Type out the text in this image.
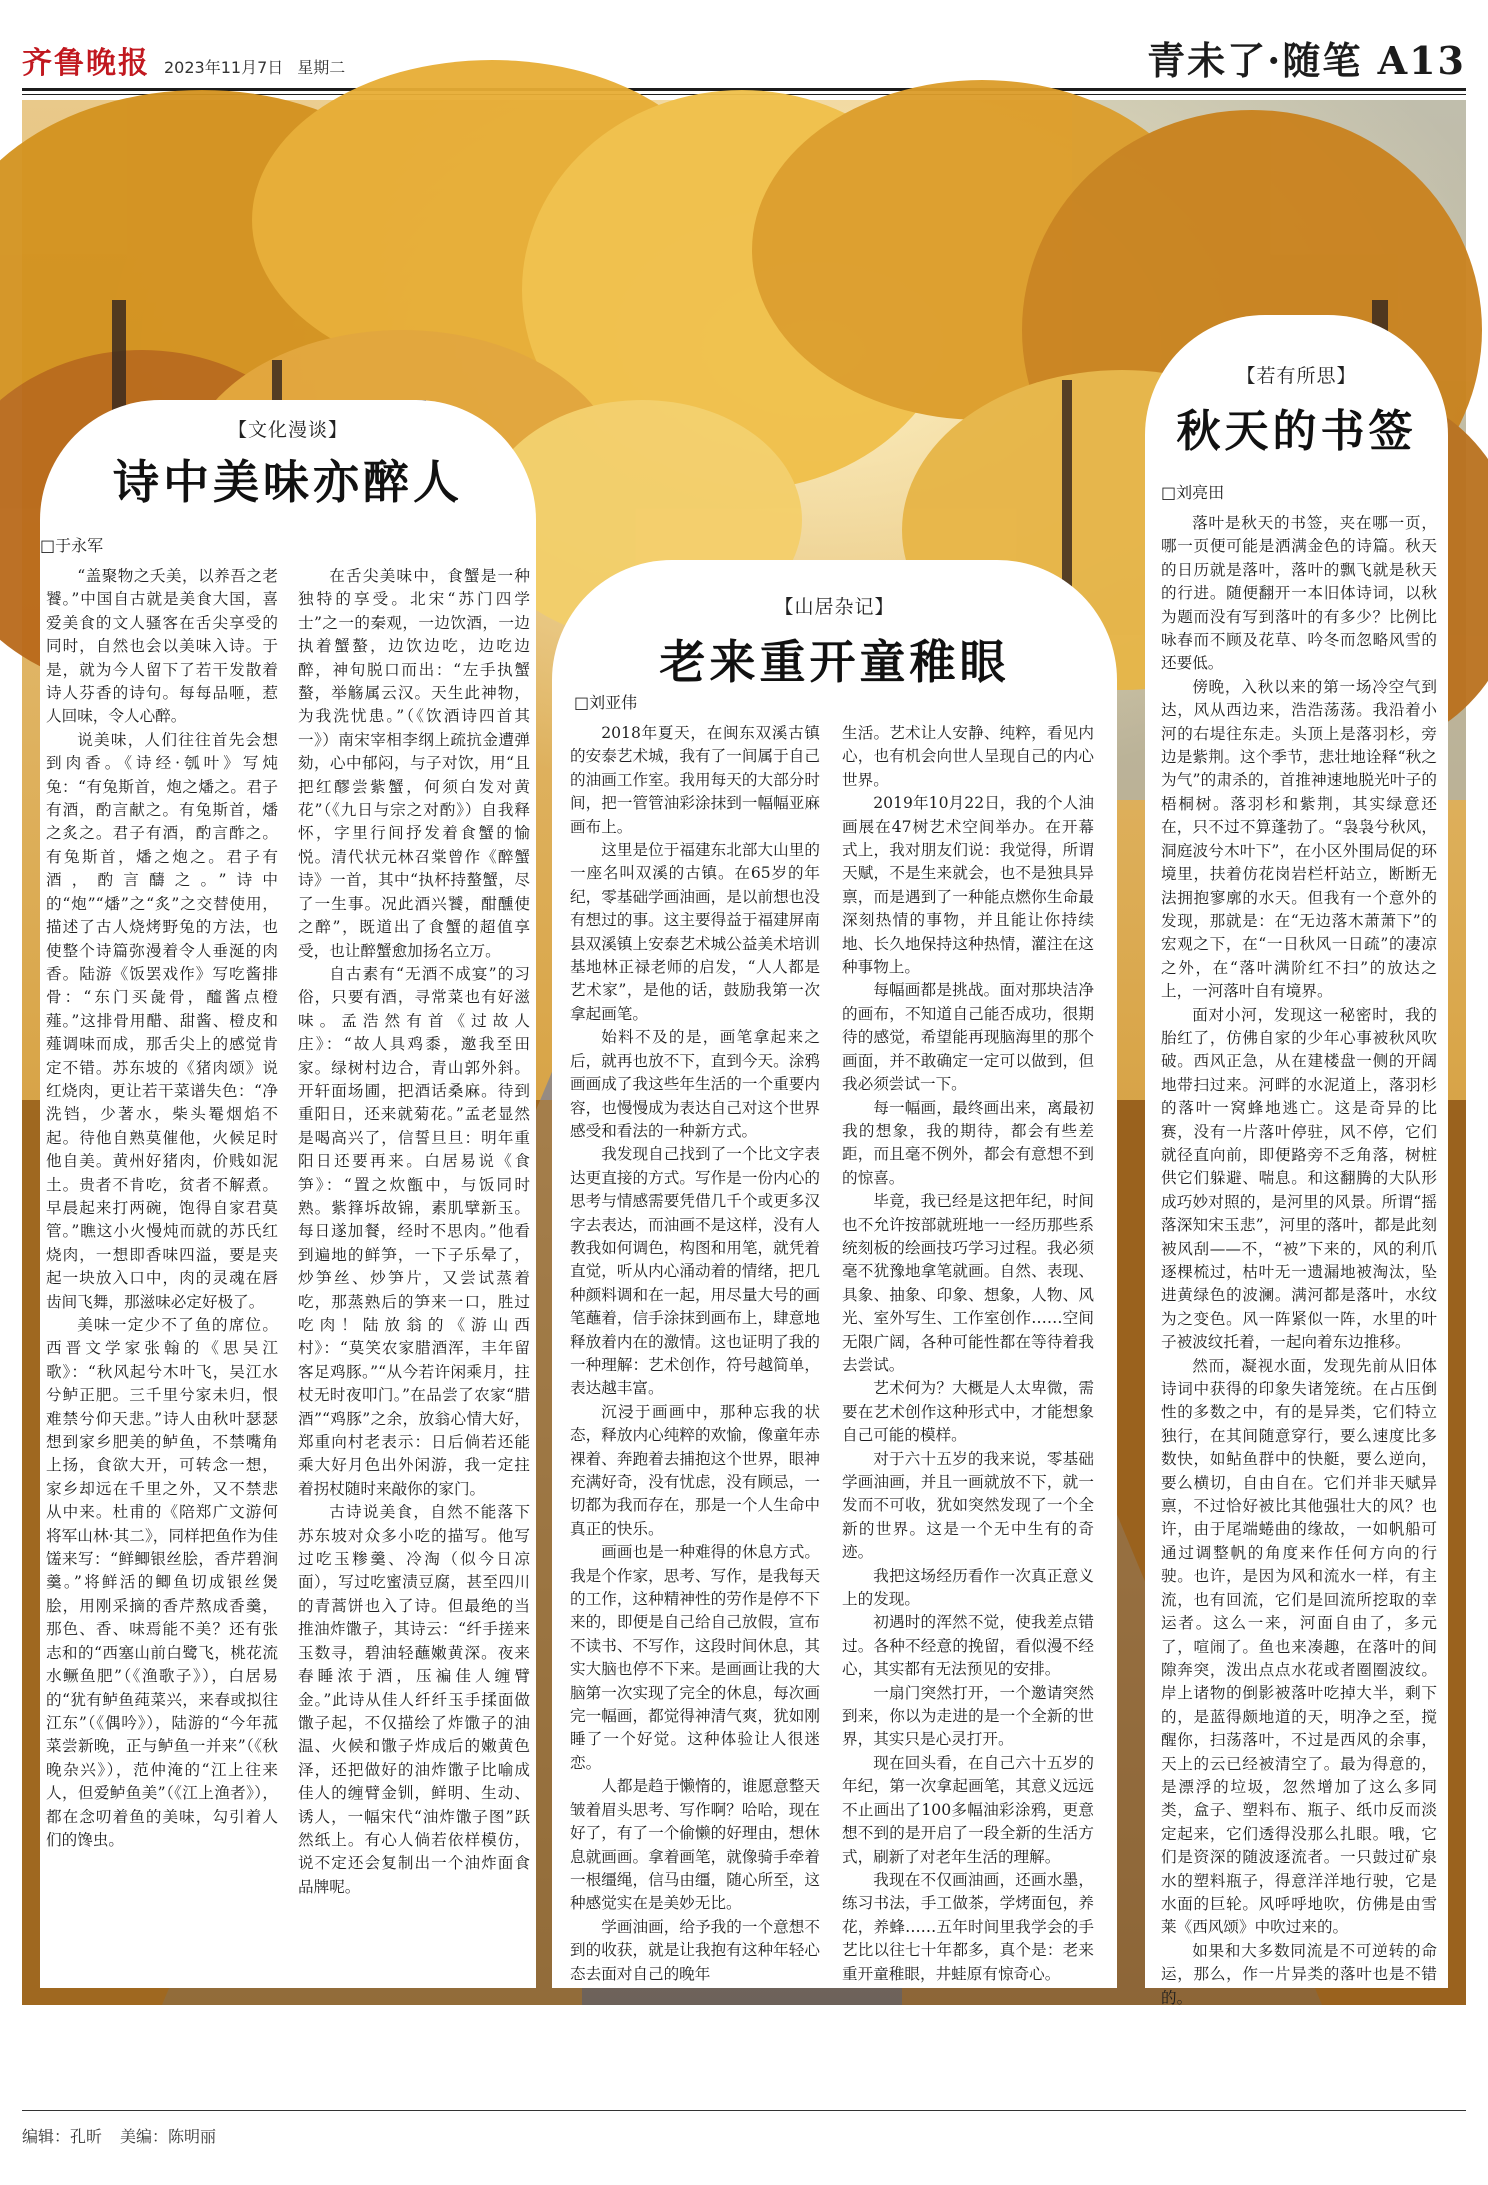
齐鲁晚报 2023年11月7日 星期二	青未了·随笔 A13
【文化漫谈】
诗中美味亦醉人
□于永军

“盖聚物之夭美，以养吾之老饕。”中国自古就是美食大国，喜爱美食的文人骚客在舌尖享受的同时，自然也会以美味入诗。于是，就为今人留下了若干发散着诗人芬香的诗句。每每品咂，惹人回味，令人心醉。

说美味，人们往往首先会想到肉香。《诗经·瓠叶》写炖兔：“有兔斯首，炮之燔之。君子有酒，酌言献之。有兔斯首，燔之炙之。君子有酒，酌言酢之。有兔斯首，燔之炮之。君子有酒，酌言醻之。”诗中的“炮”“燔”之“炙”之交替使用，描述了古人烧烤野兔的方法，也使整个诗篇弥漫着令人垂涎的肉香。陆游《饭罢戏作》写吃酱排骨：“东门买彘骨，醯酱点橙薤。”这排骨用醋、甜酱、橙皮和薤调味而成，那舌尖上的感觉肯定不错。苏东坡的《猪肉颂》说红烧肉，更让若干菜谱失色：“净洗铛，少著水，柴头罨烟焰不起。待他自熟莫催他，火候足时他自美。黄州好猪肉，价贱如泥土。贵者不肯吃，贫者不解煮。早晨起来打两碗，饱得自家君莫管。”瞧这小火慢炖而就的苏氏红烧肉，一想即香味四溢，要是夹起一块放入口中，肉的灵魂在唇齿间飞舞，那滋味必定好极了。

美味一定少不了鱼的席位。西晋文学家张翰的《思吴江歌》：“秋风起兮木叶飞，吴江水兮鲈正肥。三千里兮家未归，恨难禁兮仰天悲。”诗人由秋叶瑟瑟想到家乡肥美的鲈鱼，不禁嘴角上扬，食欲大开，可转念一想，家乡却远在千里之外，又不禁悲从中来。杜甫的《陪郑广文游何将军山林·其二》，同样把鱼作为佳馐来写：“鲜鲫银丝脍，香芹碧涧羹。”将鲜活的鲫鱼切成银丝煲脍，用刚采摘的香芹熬成香羹，那色、香、味焉能不美？还有张志和的“西塞山前白鹭飞，桃花流水鳜鱼肥”（《渔歌子》），白居易的“犹有鲈鱼莼菜兴，来春或拟往江东”（《偶吟》），陆游的“今年菰菜尝新晚，正与鲈鱼一并来”（《秋晚杂兴》），范仲淹的“江上往来人，但爱鲈鱼美”（《江上渔者》），都在念叨着鱼的美味，勾引着人们的馋虫。

在舌尖美味中，食蟹是一种独特的享受。北宋“苏门四学士”之一的秦观，一边饮酒，一边执着蟹螯，边饮边吃，边吃边醉，神旬脱口而出：“左手执蟹螯，举觞属云汉。天生此神物，为我洗忧患。”（《饮酒诗四首其一》）南宋宰相李纲上疏抗金遭弹劾，心中郁闷，与子对饮，用“且把红醪尝紫蟹，何须白发对黄花”（《九日与宗之对酌》）自我释怀，字里行间抒发着食蟹的愉悦。清代状元林召棠曾作《醉蟹诗》一首，其中“执杯持螯蟹，尽了一生事。况此酒兴饕，酣醺使之醉”，既道出了食蟹的超值享受，也让醉蟹愈加扬名立万。

自古素有“无酒不成宴”的习俗，只要有酒，寻常菜也有好滋味。孟浩然有首《过故人庄》：“故人具鸡黍，邀我至田家。绿树村边合，青山郭外斜。开轩面场圃，把酒话桑麻。待到重阳日，还来就菊花。”孟老显然是喝高兴了，信誓旦旦：明年重阳日还要再来。白居易说《食笋》：“置之炊甑中，与饭同时熟。紫箨坼故锦，素肌擘新玉。每日遂加餐，经时不思肉。”他看到遍地的鲜笋，一下子乐晕了，炒笋丝、炒笋片，又尝试蒸着吃，那蒸熟后的笋来一口，胜过吃肉！陆放翁的《游山西村》：“莫笑农家腊酒浑，丰年留客足鸡豚。”“从今若许闲乘月，拄杖无时夜叩门。”在品尝了农家“腊酒”“鸡豚”之余，放翁心情大好，郑重向村老表示：日后倘若还能乘大好月色出外闲游，我一定拄着拐杖随时来敲你的家门。

古诗说美食，自然不能落下苏东坡对众多小吃的描写。他写过吃玉糁羹、冷淘（似今日凉面），写过吃蜜渍豆腐，甚至四川的青蒿饼也入了诗。但最绝的当推油炸馓子，其诗云：“纤手搓来玉数寻，碧油轻蘸嫩黄深。夜来春睡浓于酒，压褊佳人缠臂金。”此诗从佳人纤纤玉手揉面做馓子起，不仅描绘了炸馓子的油温、火候和馓子炸成后的嫩黄色泽，还把做好的油炸馓子比喻成佳人的缠臂金钏，鲜明、生动、诱人，一幅宋代“油炸馓子图”跃然纸上。有心人倘若依样模仿，说不定还会复制出一个油炸面食品牌呢。

【山居杂记】
老来重开童稚眼
□刘亚伟

2018年夏天，在闽东双溪古镇的安泰艺术城，我有了一间属于自己的油画工作室。我用每天的大部分时间，把一管管油彩涂抹到一幅幅亚麻画布上。

这里是位于福建东北部大山里的一座名叫双溪的古镇。在65岁的年纪，零基础学画油画，是以前想也没有想过的事。这主要得益于福建屏南县双溪镇上安泰艺术城公益美术培训基地林正禄老师的启发，“人人都是艺术家”，是他的话，鼓励我第一次拿起画笔。

始料不及的是，画笔拿起来之后，就再也放不下，直到今天。涂鸦画画成了我这些年生活的一个重要内容，也慢慢成为表达自己对这个世界感受和看法的一种新方式。

我发现自己找到了一个比文字表达更直接的方式。写作是一份内心的思考与情感需要凭借几千个或更多汉字去表达，而油画不是这样，没有人教我如何调色，构图和用笔，就凭着直觉，听从内心涌动着的情绪，把几种颜料调和在一起，用尽量大号的画笔蘸着，信手涂抹到画布上，肆意地释放着内在的激情。这也证明了我的一种理解：艺术创作，符号越简单，表达越丰富。

沉浸于画画中，那种忘我的状态，释放内心纯粹的欢愉，像童年赤裸着、奔跑着去捕抱这个世界，眼神充满好奇，没有忧虑，没有顾忌，一切都为我而存在，那是一个人生命中真正的快乐。

画画也是一种难得的休息方式。我是个作家，思考、写作，是我每天的工作，这种精神性的劳作是停不下来的，即便是自己给自己放假，宣布不读书、不写作，这段时间休息，其实大脑也停不下来。是画画让我的大脑第一次实现了完全的休息，每次画完一幅画，都觉得神清气爽，犹如刚睡了一个好觉。这种体验让人很迷恋。

人都是趋于懒惰的，谁愿意整天皱着眉头思考、写作啊？哈哈，现在好了，有了一个偷懒的好理由，想休息就画画。拿着画笔，就像骑手牵着一根缰绳，信马由缰，随心所至，这种感觉实在是美妙无比。

学画油画，给予我的一个意想不到的收获，就是让我抱有这种年轻心态去面对自己的晚年

生活。艺术让人安静、纯粹，看见内心，也有机会向世人呈现自己的内心世界。

2019年10月22日，我的个人油画展在47树艺术空间举办。在开幕式上，我对朋友们说：我觉得，所谓天赋，不是生来就会，也不是独具异禀，而是遇到了一种能点燃你生命最深刻热情的事物，并且能让你持续地、长久地保持这种热情，灌注在这种事物上。

每幅画都是挑战。面对那块洁净的画布，不知道自己能否成功，很期待的感觉，希望能再现脑海里的那个画面，并不敢确定一定可以做到，但我必须尝试一下。

每一幅画，最终画出来，离最初我的想象，我的期待，都会有些差距，而且毫不例外，都会有意想不到的惊喜。

毕竟，我已经是这把年纪，时间也不允许按部就班地一一经历那些系统刻板的绘画技巧学习过程。我必须毫不犹豫地拿笔就画。自然、表现、具象、抽象、印象、想象，人物、风光、室外写生、工作室创作……空间无限广阔，各种可能性都在等待着我去尝试。

艺术何为？大概是人太卑微，需要在艺术创作这种形式中，才能想象自己可能的模样。

对于六十五岁的我来说，零基础学画油画，并且一画就放不下，就一发而不可收，犹如突然发现了一个全新的世界。这是一个无中生有的奇迹。

我把这场经历看作一次真正意义上的发现。

初遇时的浑然不觉，使我差点错过。各种不经意的挽留，看似漫不经心，其实都有无法预见的安排。

一扇门突然打开，一个邀请突然到来，你以为走进的是一个全新的世界，其实只是心灵打开。

现在回头看，在自己六十五岁的年纪，第一次拿起画笔，其意义远远不止画出了100多幅油彩涂鸦，更意想不到的是开启了一段全新的生活方式，刷新了对老年生活的理解。

我现在不仅画油画，还画水墨，练习书法，手工做茶，学烤面包，养花，养蜂……五年时间里我学会的手艺比以往七十年都多，真个是：老来重开童稚眼，井蛙原有惊奇心。

【若有所思】
秋天的书签
□刘亮田

落叶是秋天的书签，夹在哪一页，哪一页便可能是洒满金色的诗篇。秋天的日历就是落叶，落叶的飘飞就是秋天的行进。随便翻开一本旧体诗词，以秋为题而没有写到落叶的有多少？比例比咏春而不顾及花草、吟冬而忽略风雪的还要低。

傍晚，入秋以来的第一场冷空气到达，风从西边来，浩浩荡荡。我沿着小河的右堤往东走。头顶上是落羽杉，旁边是紫荆。这个季节，悲壮地诠释“秋之为气”的肃杀的，首推神速地脱光叶子的梧桐树。落羽杉和紫荆，其实绿意还在，只不过不算蓬勃了。“袅袅兮秋风，洞庭波兮木叶下”，在小区外围局促的环境里，扶着仿花岗岩栏杆站立，断断无法拥抱寥廓的水天。但我有一个意外的发现，那就是：在“无边落木萧萧下”的宏观之下，在“一日秋风一日疏”的凄凉之外，在“落叶满阶红不扫”的放达之上，一河落叶自有境界。

面对小河，发现这一秘密时，我的胎红了，仿佛自家的少年心事被秋风吹破。西风正急，从在建楼盘一侧的开阔地带扫过来。河畔的水泥道上，落羽杉的落叶一窝蜂地逃亡。这是奇异的比赛，没有一片落叶停驻，风不停，它们就径直向前，即便路旁不乏角落，树桩供它们躲避、喘息。和这翻腾的大队形成巧妙对照的，是河里的风景。所谓“摇落深知宋玉悲”，河里的落叶，都是此刻被风刮——不，“被”下来的，风的利爪逐棵梳过，枯叶无一遗漏地被淘汰，坠进黄绿色的波澜。满河都是落叶，水纹为之变色。风一阵紧似一阵，水里的叶子被波纹托着，一起向着东边推移。

然而，凝视水面，发现先前从旧体诗词中获得的印象失诸笼统。在占压倒性的多数之中，有的是异类，它们特立独行，在其间随意穿行，要么速度比多数快，如鲇鱼群中的快艇，要么逆向，要么横切，自由自在。它们并非天赋异禀，不过恰好被比其他强壮大的风？也许，由于尾端蜷曲的缘故，一如帆船可通过调整帆的角度来作任何方向的行驶。也许，是因为风和流水一样，有主流，也有回流，它们是回流所挖取的幸运者。这么一来，河面自由了，多元了，喧闹了。鱼也来凑趣，在落叶的间隙奔突，泼出点点水花或者圈圈波纹。岸上诸物的倒影被落叶吃掉大半，剩下的，是蓝得颇地道的天，明净之至，搅醒你，扫荡落叶，不过是西风的余事，天上的云已经被清空了。最为得意的，是漂浮的垃圾，忽然增加了这么多同类，盒子、塑料布、瓶子、纸巾反而淡定起来，它们透得没那么扎眼。哦，它们是资深的随波逐流者。一只鼓过矿泉水的塑料瓶子，得意洋洋地行驶，它是水面的巨轮。风呼呼地吹，仿佛是由雪莱《西风颂》中吹过来的。

如果和大多数同流是不可逆转的命运，那么，作一片异类的落叶也是不错的。

编辑：孔昕 美编：陈明丽
